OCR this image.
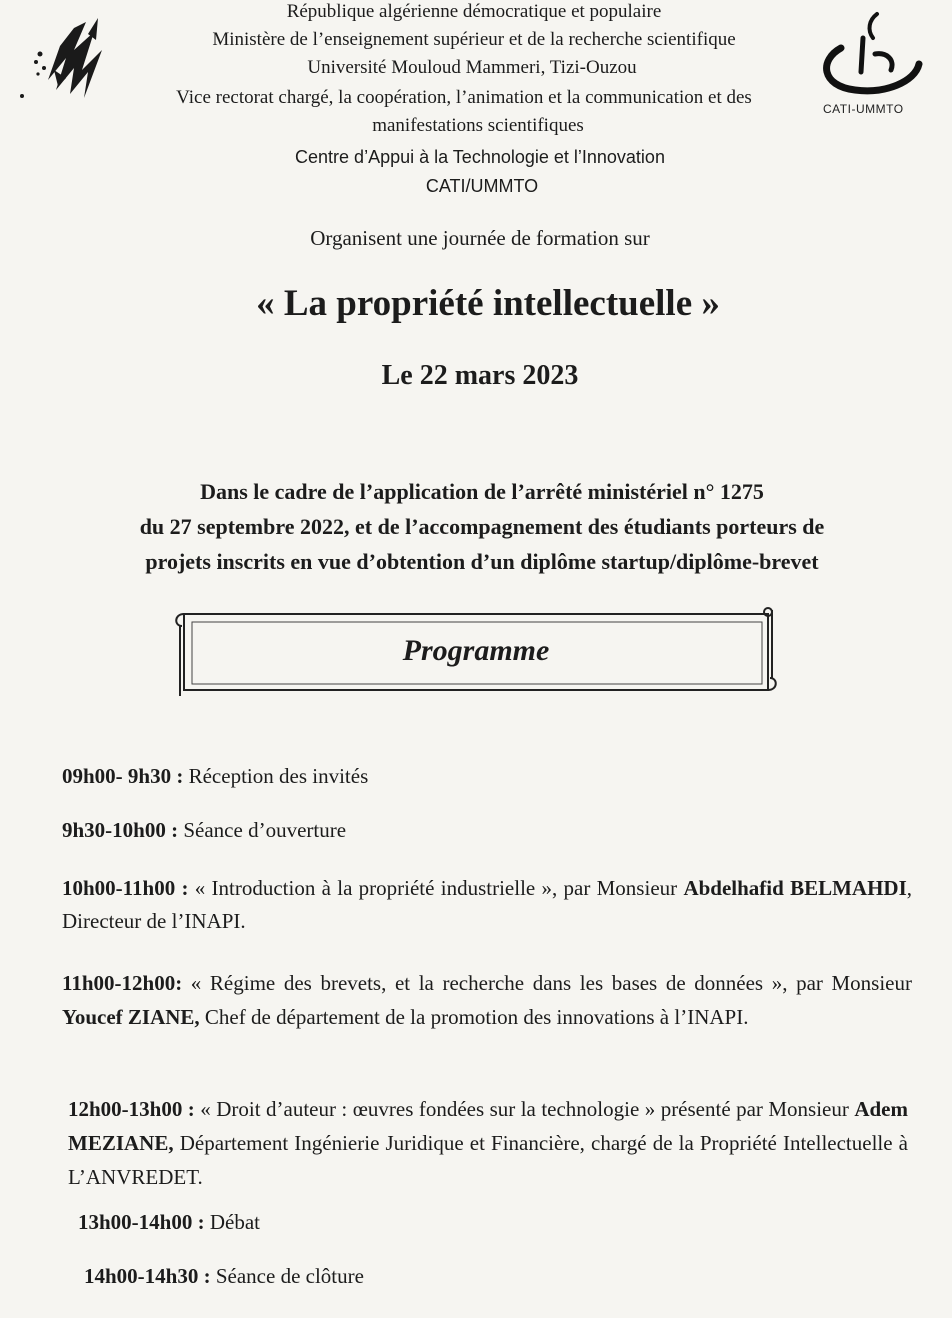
CATI-UMMTO
République algérienne démocratique et populaire
Ministère de l’enseignement supérieur et de la recherche scientifique
Université Mouloud Mammeri, Tizi-Ouzou
Vice rectorat chargé, la coopération, l’animation et la communication et des
manifestations scientifiques
Centre d’Appui à la Technologie et l’Innovation
CATI/UMMTO
Organisent une journée de formation sur
« La propriété intellectuelle »
Le 22 mars 2023
Dans le cadre de l’application de l’arrêté ministériel n° 1275
du 27 septembre 2022, et de l’accompagnement des étudiants porteurs de
projets inscrits en vue d’obtention d’un diplôme startup/diplôme-brevet
Programme
09h00- 9h30 : Réception des invités
9h30-10h00 : Séance d’ouverture
10h00-11h00 : « Introduction à la propriété industrielle », par Monsieur Abdelhafid BELMAHDI, Directeur de l’INAPI.
11h00-12h00: « Régime des brevets, et la recherche dans les bases de données », par Monsieur Youcef ZIANE, Chef de département de la promotion des innovations à l’INAPI.
12h00-13h00 : « Droit d’auteur : œuvres fondées sur la technologie » présenté par Monsieur Adem MEZIANE, Département Ingénierie Juridique et Financière, chargé de la Propriété Intellectuelle à L’ANVREDET.
13h00-14h00 : Débat
14h00-14h30 : Séance de clôture
